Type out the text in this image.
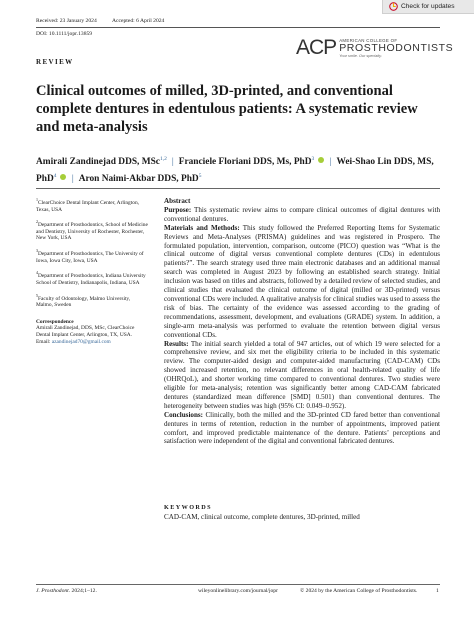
Check for updates
Received: 23 January 2024	Accepted: 6 April 2024
DOI: 10.1111/jopr.13859
ACP AMERICAN COLLEGE OF
PROSTHODONTISTS
Your smile. Our specialty.
REVIEW
Clinical outcomes of milled, 3D-printed, and conventional complete dentures in edentulous patients: A systematic review and meta-analysis

Amirali Zandinejad DDS, MSc$^{1,2}$ | Franciele Floriani DDS, Ms, PhD$^3$ | Wei-Shao Lin DDS, MS, PhD$^4$ | Aron Naimi-Akbar DDS, PhD$^5$

$^1$ClearChoice Dental Implant Center, Arlington, Texas, USA

$^2$Department of Prosthodontics, School of Medicine and Dentistry, University of Rochester, Rochester, New York, USA

$^3$Department of Prosthodontics, The University of Iowa, Iowa City, Iowa, USA

$^4$Department of Prosthodontics, Indiana University School of Dentistry, Indianapolis, Indiana, USA

$^5$Faculty of Odontology, Malmo University, Malmo, Sweden

Correspondence

Amirali Zandinejad, DDS, MSc, ClearChoice Dental Implant Center, Arlington, TX, USA.
Email: azandinejad70@gmail.com

Abstract

Purpose: This systematic review aims to compare clinical outcomes of digital dentures with conventional dentures.

Materials and Methods: This study followed the Preferred Reporting Items for Systematic Reviews and Meta-Analyses (PRISMA) guidelines and was registered in Prospero. The formulated population, intervention, comparison, outcome (PICO) question was “What is the clinical outcome of digital versus conventional complete dentures (CDs) in edentulous patients?”. The search strategy used three main electronic databases and an additional manual search was completed in August 2023 by following an established search strategy. Initial inclusion was based on titles and abstracts, followed by a detailed review of selected studies, and clinical studies that evaluated the clinical outcome of digital (milled or 3D-printed) versus conventional CDs were included. A qualitative analysis for clinical studies was used to assess the risk of bias. The certainty of the evidence was assessed according to the grading of recommendations, assessment, development, and evaluations (GRADE) system. In addition, a single-arm meta-analysis was performed to evaluate the retention between digital versus conventional CDs.

Results: The initial search yielded a total of 947 articles, out of which 19 were selected for a comprehensive review, and six met the eligibility criteria to be included in this systematic review. The computer-aided design and computer-aided manufacturing (CAD-CAM) CDs showed increased retention, no relevant differences in oral health-related quality of life (OHRQoL), and shorter working time compared to conventional dentures. Two studies were eligible for meta-analysis; retention was significantly better among CAD-CAM fabricated dentures (standardized mean difference [SMD] 0.501) than conventional dentures. The heterogeneity between studies was high (95% CI: 0.049–0.952).

Conclusions: Clinically, both the milled and the 3D-printed CD fared better than conventional dentures in terms of retention, reduction in the number of appointments, improved patient comfort, and improved predictable maintenance of the denture. Patients’ perceptions and satisfaction were independent of the digital and conventional fabricated dentures.

KEYWORDS

CAD-CAM, clinical outcome, complete dentures, 3D-printed, milled

J. Prosthodont. 2024;1–12.	wileyonlinelibrary.com/journal/jopr	© 2024 by the American College of Prosthodontists.	1
